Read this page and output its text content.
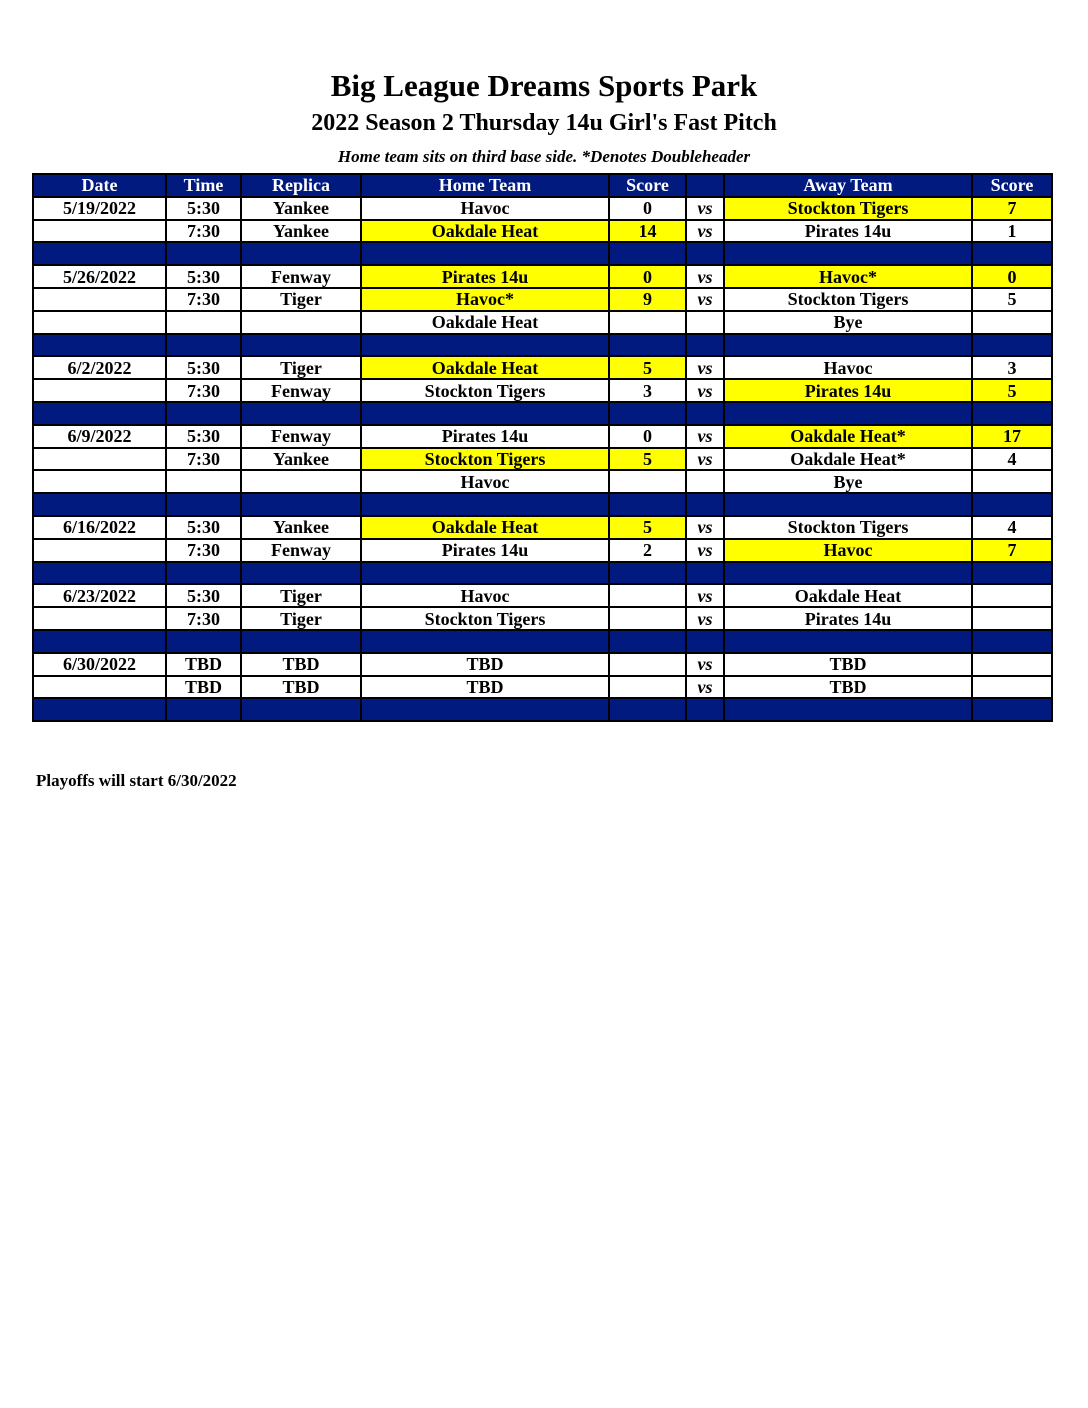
Big League Dreams Sports Park
2022 Season 2 Thursday 14u Girl's Fast Pitch
Home team sits on third base side. *Denotes Doubleheader
Date	Time	Replica	Home Team	Score		Away Team	Score
5/19/2022	5:30	Yankee	Havoc	0	vs	Stockton Tigers	7
	7:30	Yankee	Oakdale Heat	14	vs	Pirates 14u	1

5/26/2022	5:30	Fenway	Pirates 14u	0	vs	Havoc*	0
	7:30	Tiger	Havoc*	9	vs	Stockton Tigers	5
			Oakdale Heat			Bye	

6/2/2022	5:30	Tiger	Oakdale Heat	5	vs	Havoc	3
	7:30	Fenway	Stockton Tigers	3	vs	Pirates 14u	5

6/9/2022	5:30	Fenway	Pirates 14u	0	vs	Oakdale Heat*	17
	7:30	Yankee	Stockton Tigers	5	vs	Oakdale Heat*	4
			Havoc			Bye	

6/16/2022	5:30	Yankee	Oakdale Heat	5	vs	Stockton Tigers	4
	7:30	Fenway	Pirates 14u	2	vs	Havoc	7

6/23/2022	5:30	Tiger	Havoc		vs	Oakdale Heat	
	7:30	Tiger	Stockton Tigers		vs	Pirates 14u	

6/30/2022	TBD	TBD	TBD		vs	TBD	
	TBD	TBD	TBD		vs	TBD	

Playoffs will start 6/30/2022
